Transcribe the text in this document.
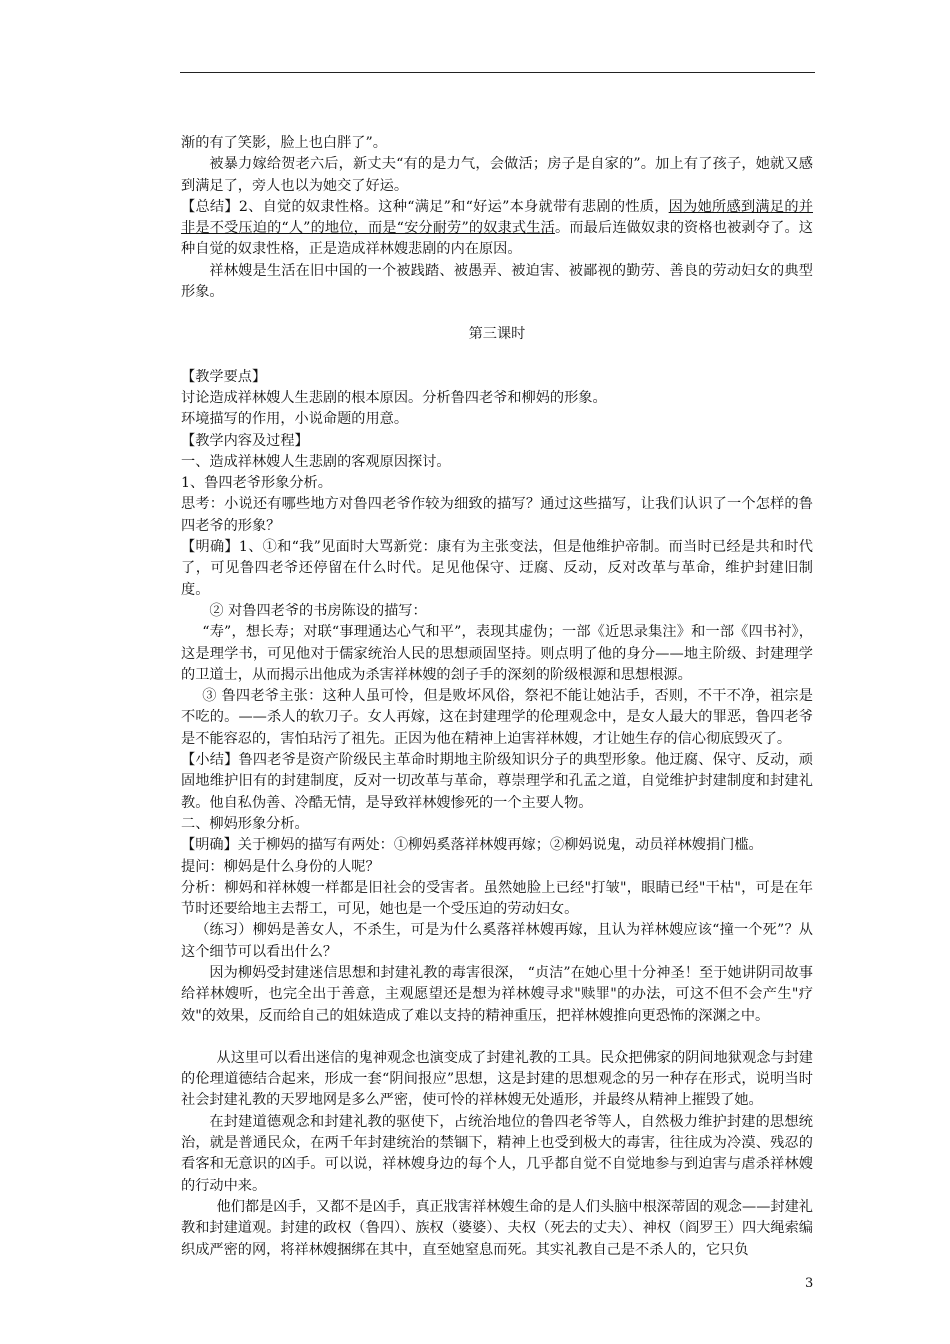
渐的有了笑影，脸上也白胖了”。

被暴力嫁给贺老六后，新丈夫“有的是力气，会做活；房子是自家的”。加上有了孩子，她就又感到满足了，旁人也以为她交了好运。

【总结】2、自觉的奴隶性格。这种“满足”和“好运”本身就带有悲剧的性质，因为她所感到满足的并非是不受压迫的“人”的地位，而是“安分耐劳”的奴隶式生活。而最后连做奴隶的资格也被剥夺了。这种自觉的奴隶性格，正是造成祥林嫂悲剧的内在原因。

祥林嫂是生活在旧中国的一个被践踏、被愚弄、被迫害、被鄙视的勤劳、善良的劳动妇女的典型形象。

第三课时

【教学要点】

讨论造成祥林嫂人生悲剧的根本原因。分析鲁四老爷和柳妈的形象。

环境描写的作用，小说命题的用意。

【教学内容及过程】

一、造成祥林嫂人生悲剧的客观原因探讨。

1、鲁四老爷形象分析。

思考：小说还有哪些地方对鲁四老爷作较为细致的描写？通过这些描写，让我们认识了一个怎样的鲁四老爷的形象？

【明确】1、①和“我”见面时大骂新党：康有为主张变法，但是他维护帝制。而当时已经是共和时代了，可见鲁四老爷还停留在什么时代。足见他保守、迂腐、反动，反对改革与革命，维护封建旧制度。

② 对鲁四老爷的书房陈设的描写：

“寿”，想长寿；对联“事理通达心气和平”，表现其虚伪；一部《近思录集注》和一部《四书衬》，这是理学书，可见他对于儒家统治人民的思想顽固坚持。则点明了他的身分——地主阶级、封建理学的卫道士，从而揭示出他成为杀害祥林嫂的刽子手的深刻的阶级根源和思想根源。

③ 鲁四老爷主张：这种人虽可怜，但是败坏风俗，祭祀不能让她沾手，否则，不干不净，祖宗是不吃的。——杀人的软刀子。女人再嫁，这在封建理学的伦理观念中，是女人最大的罪恶，鲁四老爷是不能容忍的，害怕玷污了祖先。正因为他在精神上迫害祥林嫂，才让她生存的信心彻底毁灭了。

【小结】鲁四老爷是资产阶级民主革命时期地主阶级知识分子的典型形象。他迂腐、保守、反动，顽固地维护旧有的封建制度，反对一切改革与革命，尊崇理学和孔孟之道，自觉维护封建制度和封建礼教。他自私伪善、冷酷无情，是导致祥林嫂惨死的一个主要人物。

二、柳妈形象分析。

【明确】关于柳妈的描写有两处：①柳妈奚落祥林嫂再嫁；②柳妈说鬼，动员祥林嫂捐门槛。

提问：柳妈是什么身份的人呢？

分析：柳妈和祥林嫂一样都是旧社会的受害者。虽然她脸上已经"打皱"，眼睛已经"干枯"，可是在年节时还要给地主去帮工，可见，她也是一个受压迫的劳动妇女。

（练习）柳妈是善女人，不杀生，可是为什么奚落祥林嫂再嫁，且认为祥林嫂应该“撞一个死”？从这个细节可以看出什么？

因为柳妈受封建迷信思想和封建礼教的毒害很深， “贞洁”在她心里十分神圣！至于她讲阴司故事给祥林嫂听，也完全出于善意，主观愿望还是想为祥林嫂寻求"赎罪"的办法，可这不但不会产生"疗效"的效果，反而给自己的姐妹造成了难以支持的精神重压，把祥林嫂推向更恐怖的深渊之中。

从这里可以看出迷信的鬼神观念也演变成了封建礼教的工具。民众把佛家的阴间地狱观念与封建的伦理道德结合起来，形成一套“阴间报应”思想，这是封建的思想观念的另一种存在形式，说明当时社会封建礼教的天罗地网是多么严密，使可怜的祥林嫂无处遁形，并最终从精神上摧毁了她。

在封建道德观念和封建礼教的驱使下，占统治地位的鲁四老爷等人，自然极力维护封建的思想统治，就是普通民众，在两千年封建统治的禁锢下，精神上也受到极大的毒害，往往成为冷漠、残忍的看客和无意识的凶手。可以说，祥林嫂身边的每个人，几乎都自觉不自觉地参与到迫害与虐杀祥林嫂的行动中来。

他们都是凶手，又都不是凶手，真正戕害祥林嫂生命的是人们头脑中根深蒂固的观念——封建礼教和封建道观。封建的政权（鲁四）、族权（婆婆）、夫权（死去的丈夫）、神权（阎罗王）四大绳索编织成严密的网，将祥林嫂捆绑在其中，直至她窒息而死。其实礼教自己是不杀人的，它只负

3
